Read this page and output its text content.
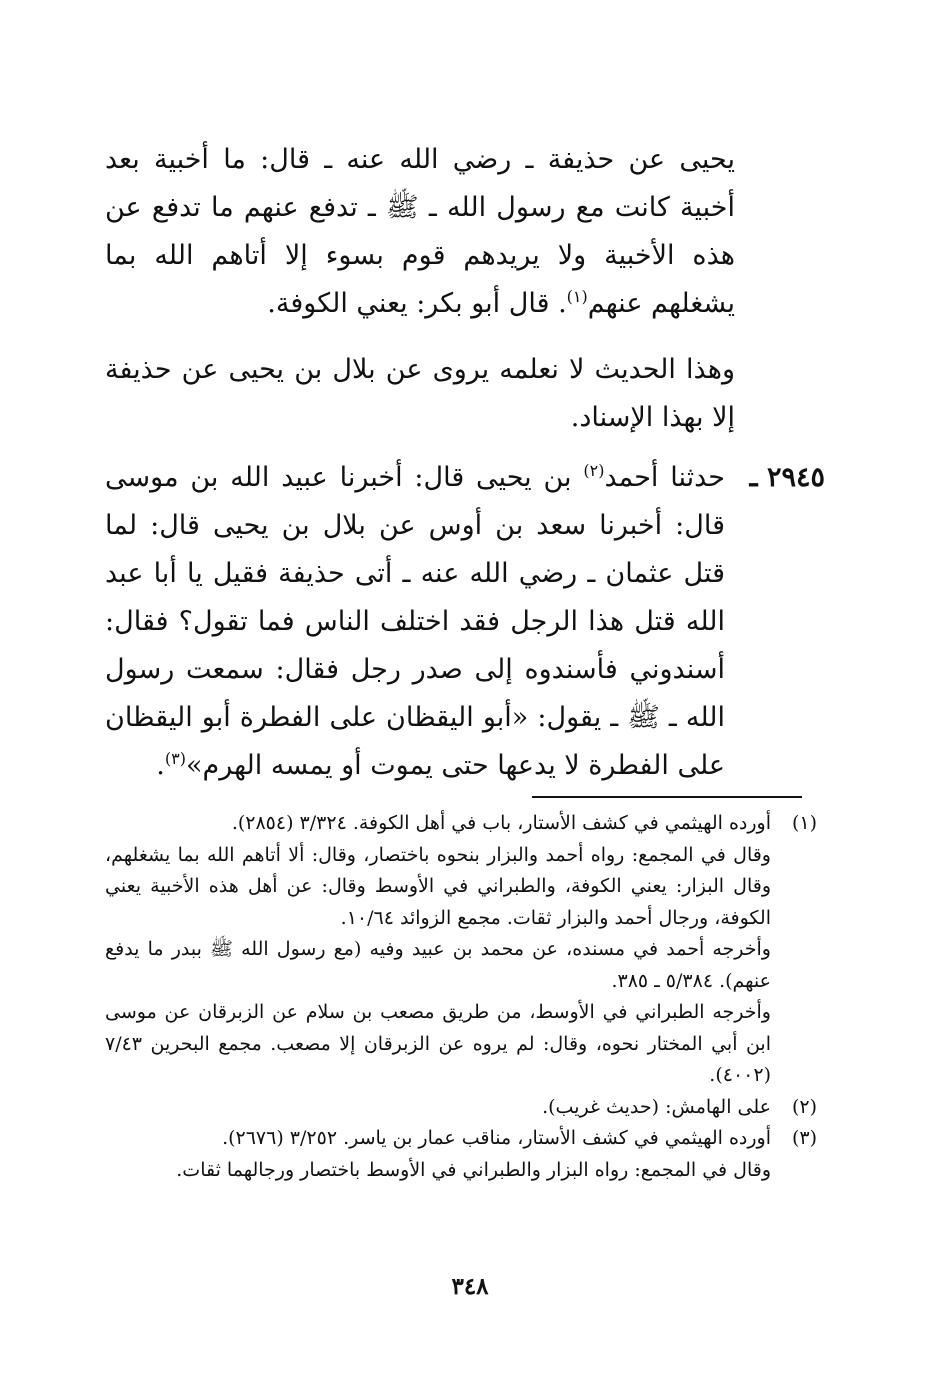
يحيى عن حذيفة ـ رضي الله عنه ـ قال: ما أخبية بعد أخبية كانت مع رسول الله ـ ﷺ ـ تدفع عنهم ما تدفع عن هذه الأخبية ولا يريدهم قوم بسوء إلا أتاهم الله بما يشغلهم عنهم$^{(١)}$. قال أبو بكر: يعني الكوفة.

وهذا الحديث لا نعلمه يروى عن بلال بن يحيى عن حذيفة إلا بهذا الإسناد.

٢٩٤٥ ـ

حدثنا أحمد$^{(٢)}$ بن يحيى قال: أخبرنا عبيد الله بن موسى قال: أخبرنا سعد بن أوس عن بلال بن يحيى قال: لما قتل عثمان ـ رضي الله عنه ـ أتى حذيفة فقيل يا أبا عبد الله قتل هذا الرجل فقد اختلف الناس فما تقول؟ فقال: أسندوني فأسندوه إلى صدر رجل فقال: سمعت رسول الله ـ ﷺ ـ يقول: «أبو اليقظان على الفطرة أبو اليقظان على الفطرة لا يدعها حتى يموت أو يمسه الهرم»$^{(٣)}$.

(١)

أورده الهيثمي في كشف الأستار، باب في أهل الكوفة. ٣/٣٢٤ (٢٨٥٤).

وقال في المجمع: رواه أحمد والبزار بنحوه باختصار، وقال: ألا أتاهم الله بما يشغلهم، وقال البزار: يعني الكوفة، والطبراني في الأوسط وقال: عن أهل هذه الأخبية يعني الكوفة، ورجال أحمد والبزار ثقات. مجمع الزوائد ١٠/٦٤.

وأخرجه أحمد في مسنده، عن محمد بن عبيد وفيه (مع رسول الله ﷺ ببدر ما يدفع عنهم). ٥/٣٨٤ ـ ٣٨٥.

وأخرجه الطبراني في الأوسط، من طريق مصعب بن سلام عن الزبرقان عن موسى ابن أبي المختار نحوه، وقال: لم يروه عن الزبرقان إلا مصعب. مجمع البحرين ٧/٤٣ (٤٠٠٢).

(٢)

على الهامش: (حديث غريب).

(٣)

أورده الهيثمي في كشف الأستار، مناقب عمار بن ياسر. ٣/٢٥٢ (٢٦٧٦).

وقال في المجمع: رواه البزار والطبراني في الأوسط باختصار ورجالهما ثقات.

٣٤٨
